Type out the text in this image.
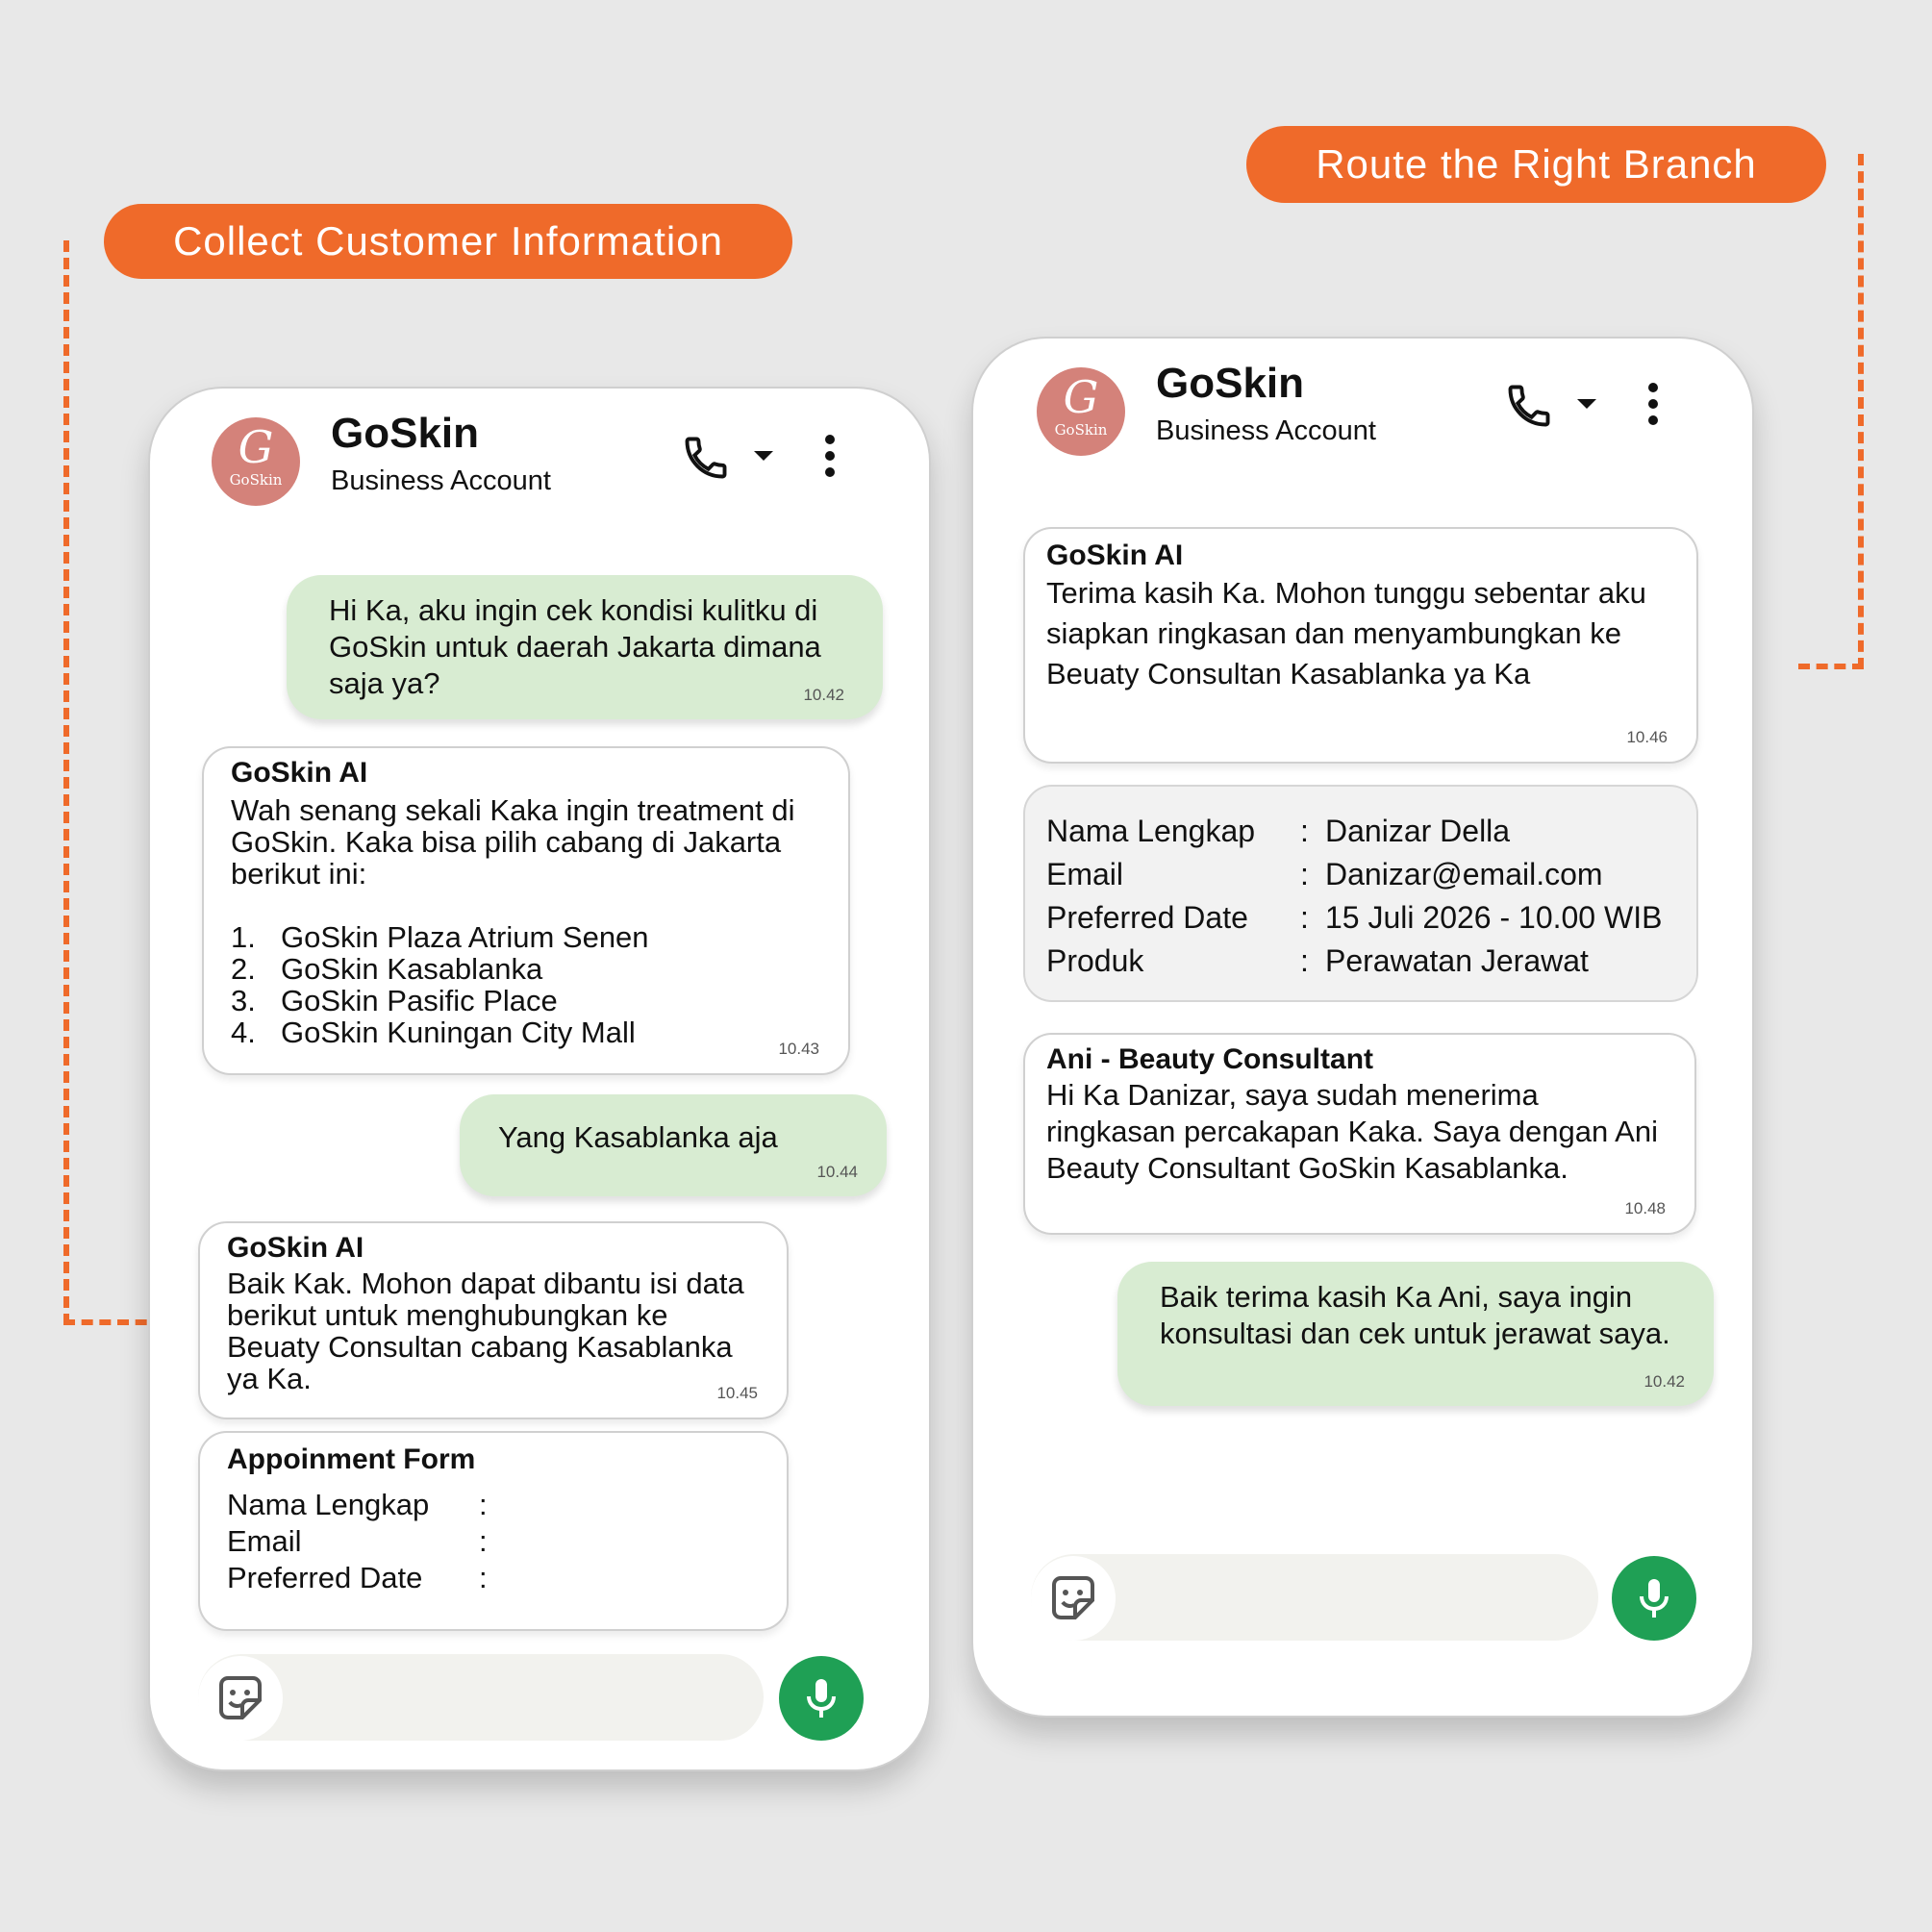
Collect Customer Information
Route the Right Branch
G
GoSkin
GoSkin
Business Account
Hi Ka, aku ingin cek kondisi kulitku di GoSkin untuk daerah Jakarta dimana saja ya?	10.42
GoSkin AI
Wah senang sekali Kaka ingin treatment di GoSkin. Kaka bisa pilih cabang di Jakarta berikut ini:
1. GoSkin Plaza Atrium Senen
2. GoSkin Kasablanka
3. GoSkin Pasific Place
4. GoSkin Kuningan City Mall	10.43
Yang Kasablanka aja
10.44
GoSkin AI
Baik Kak. Mohon dapat dibantu isi data berikut untuk menghubungkan ke Beuaty Consultan cabang Kasablanka ya Ka.	10.45
Appoinment Form
Nama Lengkap	:
Email	:
Preferred Date	:
G
GoSkin
GoSkin
Business Account
GoSkin AI
Terima kasih Ka. Mohon tunggu sebentar aku siapkan ringkasan dan menyambungkan ke Beuaty Consultan Kasablanka ya Ka
10.46
Nama Lengkap	: Danizar Della
Email	: Danizar@email.com
Preferred Date	: 15 Juli 2026 - 10.00 WIB
Produk	: Perawatan Jerawat
Ani - Beauty Consultant
Hi Ka Danizar, saya sudah menerima ringkasan percakapan Kaka. Saya dengan Ani Beauty Consultant GoSkin Kasablanka.
10.48
Baik terima kasih Ka Ani, saya ingin konsultasi dan cek untuk jerawat saya.
10.42
